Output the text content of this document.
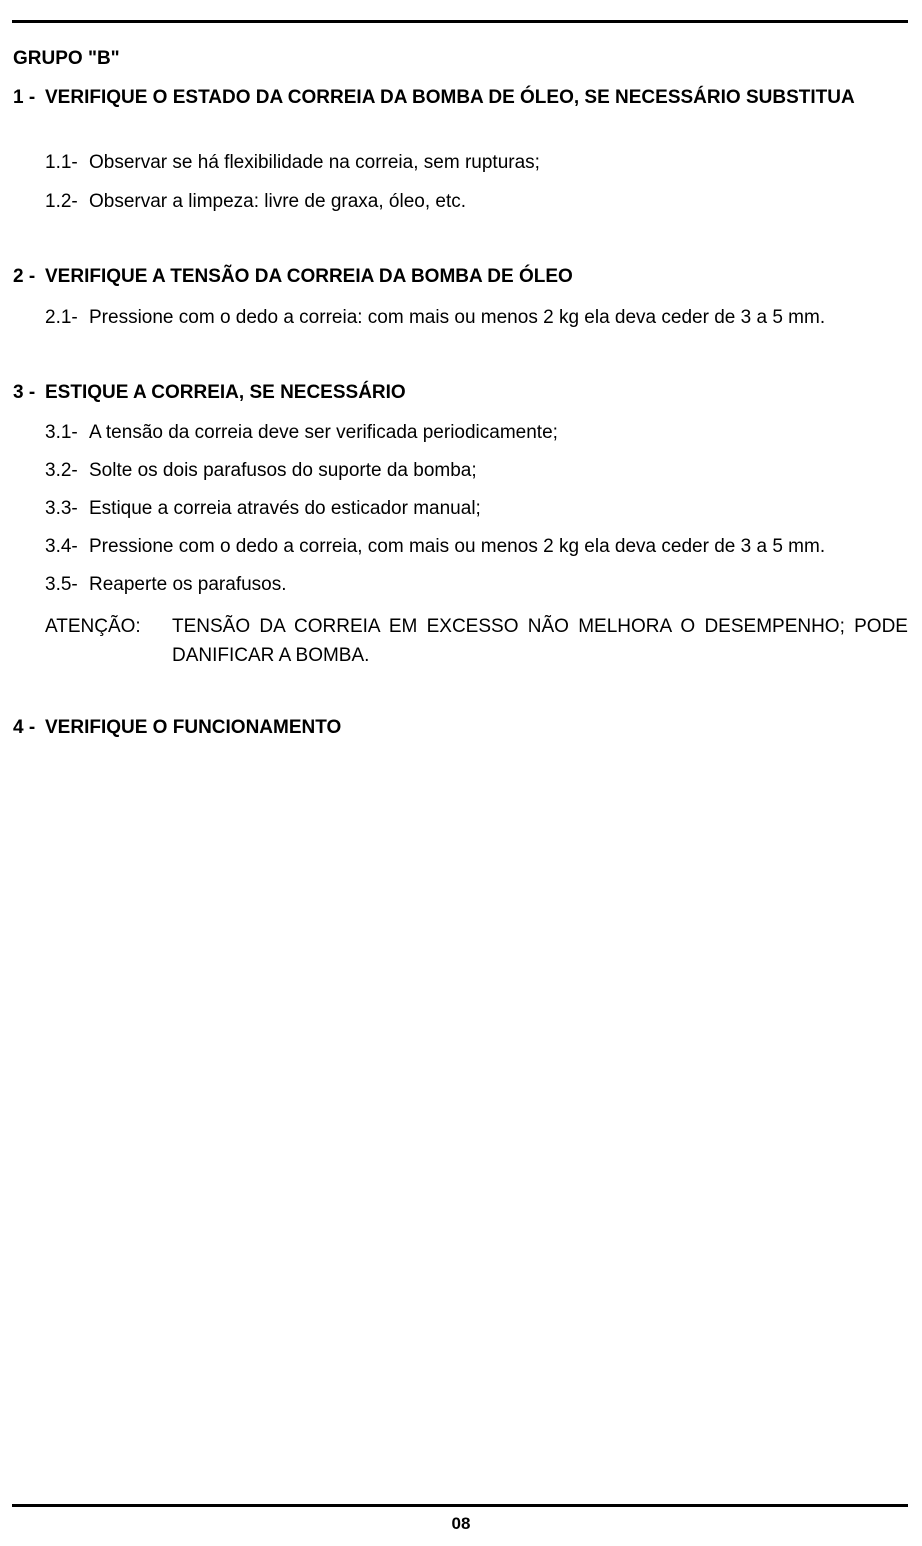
GRUPO "B"
1 - VERIFIQUE O ESTADO DA CORREIA DA BOMBA DE ÓLEO, SE NECESSÁRIO SUBSTITUA
1.1- Observar se há flexibilidade na correia, sem rupturas;
1.2- Observar a limpeza: livre de graxa, óleo, etc.
2 - VERIFIQUE A TENSÃO DA CORREIA DA BOMBA DE ÓLEO
2.1- Pressione com o dedo a correia: com mais ou menos 2 kg ela deva ceder de 3 a 5 mm.
3 - ESTIQUE A CORREIA, SE NECESSÁRIO
3.1- A tensão da correia deve ser verificada periodicamente;
3.2- Solte os dois parafusos do suporte da bomba;
3.3- Estique a correia através do esticador manual;
3.4- Pressione com o dedo a correia, com mais ou menos 2 kg ela deva ceder de 3 a 5 mm.
3.5- Reaperte os parafusos.
ATENÇÃO: TENSÃO DA CORREIA EM EXCESSO NÃO MELHORA O DESEMPENHO; PODE DANIFICAR A BOMBA.
4 - VERIFIQUE O FUNCIONAMENTO
08
